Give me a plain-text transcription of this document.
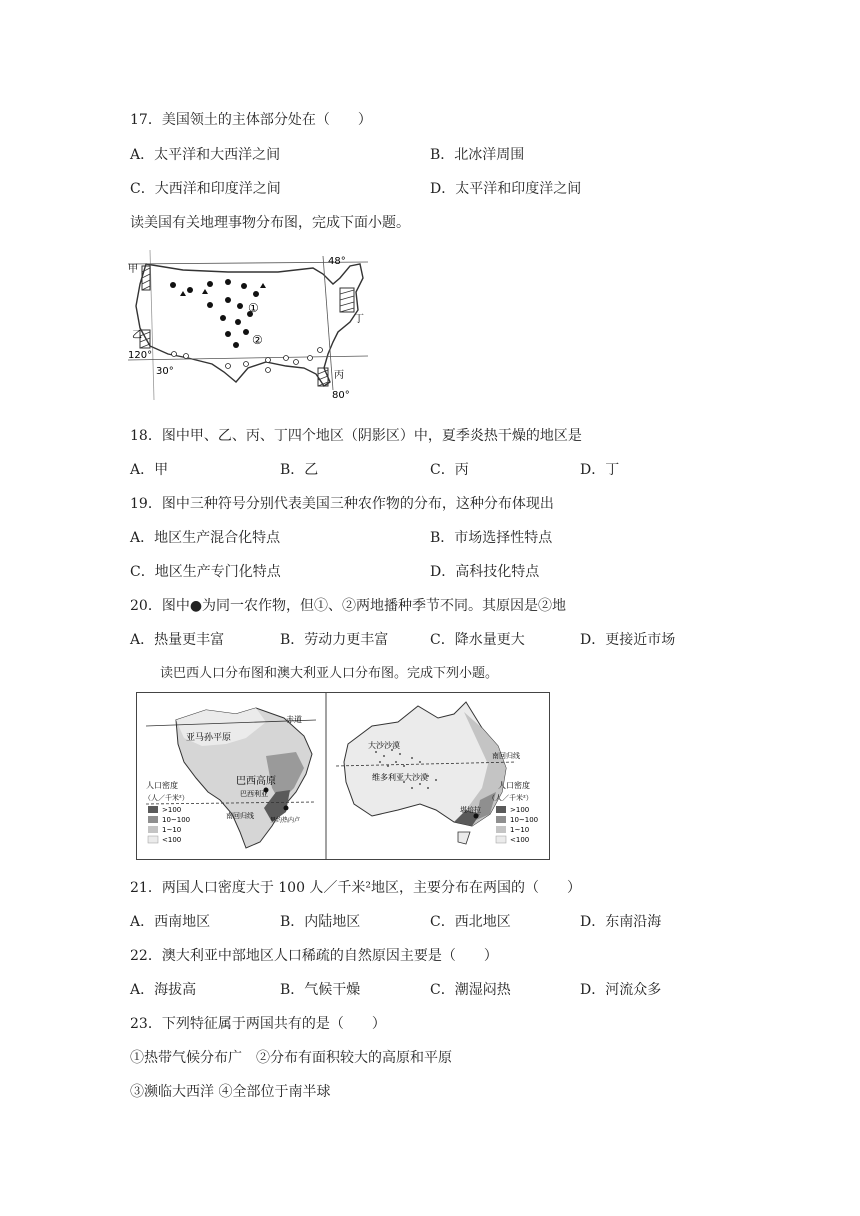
17．美国领土的主体部分处在（　　）
A．太平洋和大西洋之间	B．北冰洋周围
C．大西洋和印度洋之间	D．太平洋和印度洋之间
读美国有关地理事物分布图，完成下面小题。
甲
乙
丙
丁
48°
30°
120°
80°
①
②
18．图中甲、乙、丙、丁四个地区（阴影区）中，夏季炎热干燥的地区是
A．甲	B．乙	C．丙	D．丁
19．图中三种符号分别代表美国三种农作物的分布，这种分布体现出
A．地区生产混合化特点	B．市场选择性特点
C．地区生产专门化特点	D．高科技化特点
20．图中●为同一农作物，但①、②两地播种季节不同。其原因是②地
A．热量更丰富	B．劳动力更丰富	C．降水量更大	D．更接近市场
读巴西人口分布图和澳大利亚人口分布图。完成下列小题。
赤道
亚马孙平原
巴西高原
巴西利亚
南回归线
里约热内卢
人口密度
（人／千米²）
>100
10~100
1~10
<100
大沙沙漠
维多利亚大沙漠
南回归线
堪培拉
人口密度
（人／千米²）
>100
10~100
1~10
<100
21．两国人口密度大于 100 人／千米²地区，主要分布在两国的（　　）
A．西南地区	B．内陆地区	C．西北地区	D．东南沿海
22．澳大利亚中部地区人口稀疏的自然原因主要是（　　）
A．海拔高	B．气候干燥	C．潮湿闷热	D．河流众多
23．下列特征属于两国共有的是（　　）
①热带气候分布广　②分布有面积较大的高原和平原
③濒临大西洋 ④全部位于南半球
